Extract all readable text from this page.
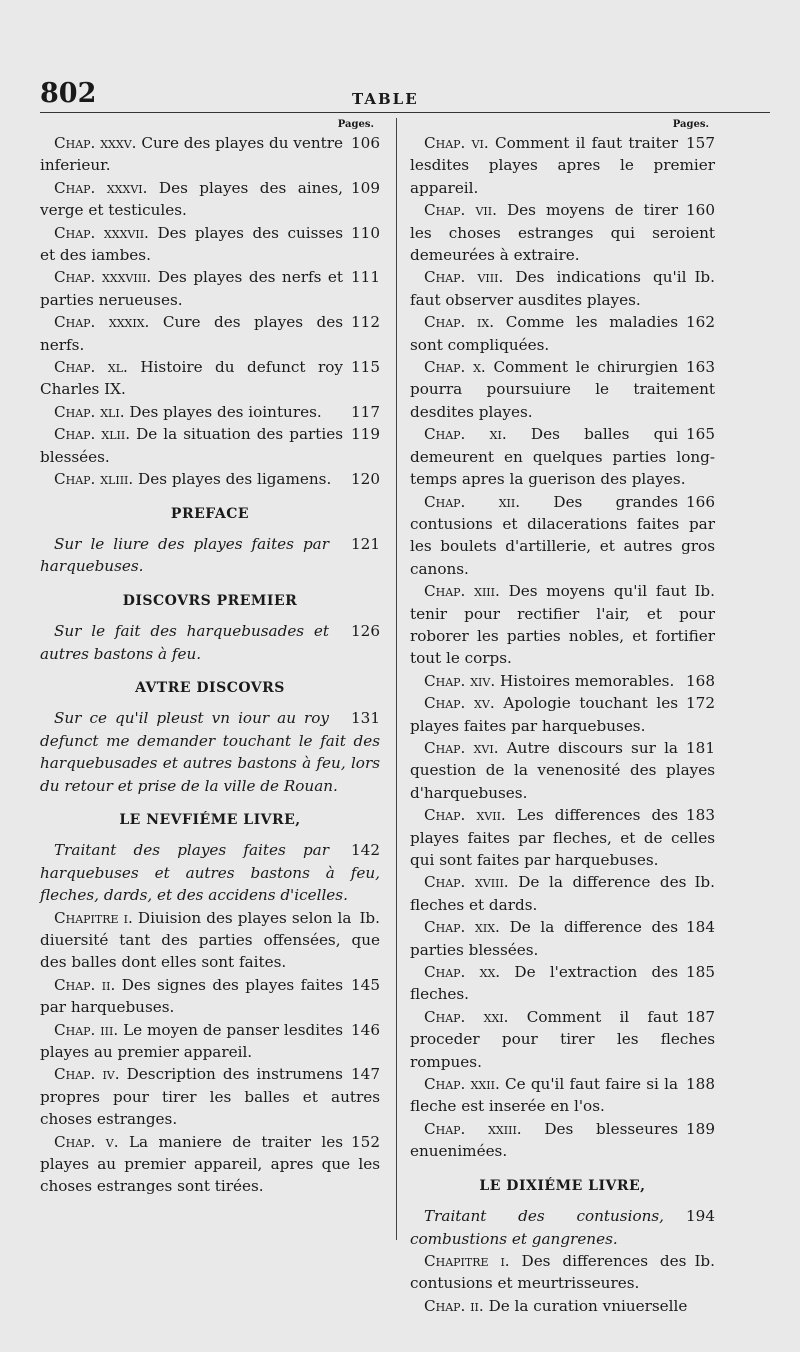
802	TABLE
Pages.
106
Chap. xxxv. Cure des playes du ventre inferieur.
109
Chap. xxxvi. Des playes des aines, verge et testicules.
110
Chap. xxxvii. Des playes des cuisses et des iambes.
111
Chap. xxxviii. Des playes des nerfs et parties nerueuses.
112
Chap. xxxix. Cure des playes des nerfs.
115
Chap. xl. Histoire du defunct roy Charles IX.
117
Chap. xli. Des playes des iointures.
119
Chap. xlii. De la situation des parties blessées.
120
Chap. xliii. Des playes des ligamens.
PREFACE
121
Sur le liure des playes faites par harquebuses.
DISCOVRS PREMIER
126
Sur le fait des harquebusades et autres bastons à feu.
AVTRE DISCOVRS
131
Sur ce qu'il pleust vn iour au roy defunct me demander touchant le fait des harquebusades et autres bastons à feu, lors du retour et prise de la ville de Rouan.
LE NEVFIÉME LIVRE,
142
Traitant des playes faites par harquebuses et autres bastons à feu, fleches, dards, et des accidens d'icelles.
Ib.
Chapitre i. Diuision des playes selon la diuersité tant des parties offensées, que des balles dont elles sont faites.
145
Chap. ii. Des signes des playes faites par harquebuses.
146
Chap. iii. Le moyen de panser lesdites playes au premier appareil.
147
Chap. iv. Description des instrumens propres pour tirer les balles et autres choses estranges.
152
Chap. v. La maniere de traiter les playes au premier appareil, apres que les choses estranges sont tirées.
Pages.
157
Chap. vi. Comment il faut traiter lesdites playes apres le premier appareil.
160
Chap. vii. Des moyens de tirer les choses estranges qui seroient demeurées à extraire.
Ib.
Chap. viii. Des indications qu'il faut observer ausdites playes.
162
Chap. ix. Comme les maladies sont compliquées.
163
Chap. x. Comment le chirurgien pourra poursuiure le traitement desdites playes.
165
Chap. xi. Des balles qui demeurent en quelques parties long-temps apres la guerison des playes.
166
Chap. xii. Des grandes contusions et dilacerations faites par les boulets d'artillerie, et autres gros canons.
Ib.
Chap. xiii. Des moyens qu'il faut tenir pour rectifier l'air, et pour roborer les parties nobles, et fortifier tout le corps.
168
Chap. xiv. Histoires memorables.
172
Chap. xv. Apologie touchant les playes faites par harquebuses.
181
Chap. xvi. Autre discours sur la question de la venenosité des playes d'harquebuses.
183
Chap. xvii. Les differences des playes faites par fleches, et de celles qui sont faites par harquebuses.
Ib.
Chap. xviii. De la difference des fleches et dards.
184
Chap. xix. De la difference des parties blessées.
185
Chap. xx. De l'extraction des fleches.
187
Chap. xxi. Comment il faut proceder pour tirer les fleches rompues.
188
Chap. xxii. Ce qu'il faut faire si la fleche est inserée en l'os.
189
Chap. xxiii. Des blesseures enuenimées.
LE DIXIÉME LIVRE,
194
Traitant des contusions, combustions et gangrenes.
Ib.
Chapitre i. Des differences des contusions et meurtrisseures.
Chap. ii. De la curation vniuerselle
